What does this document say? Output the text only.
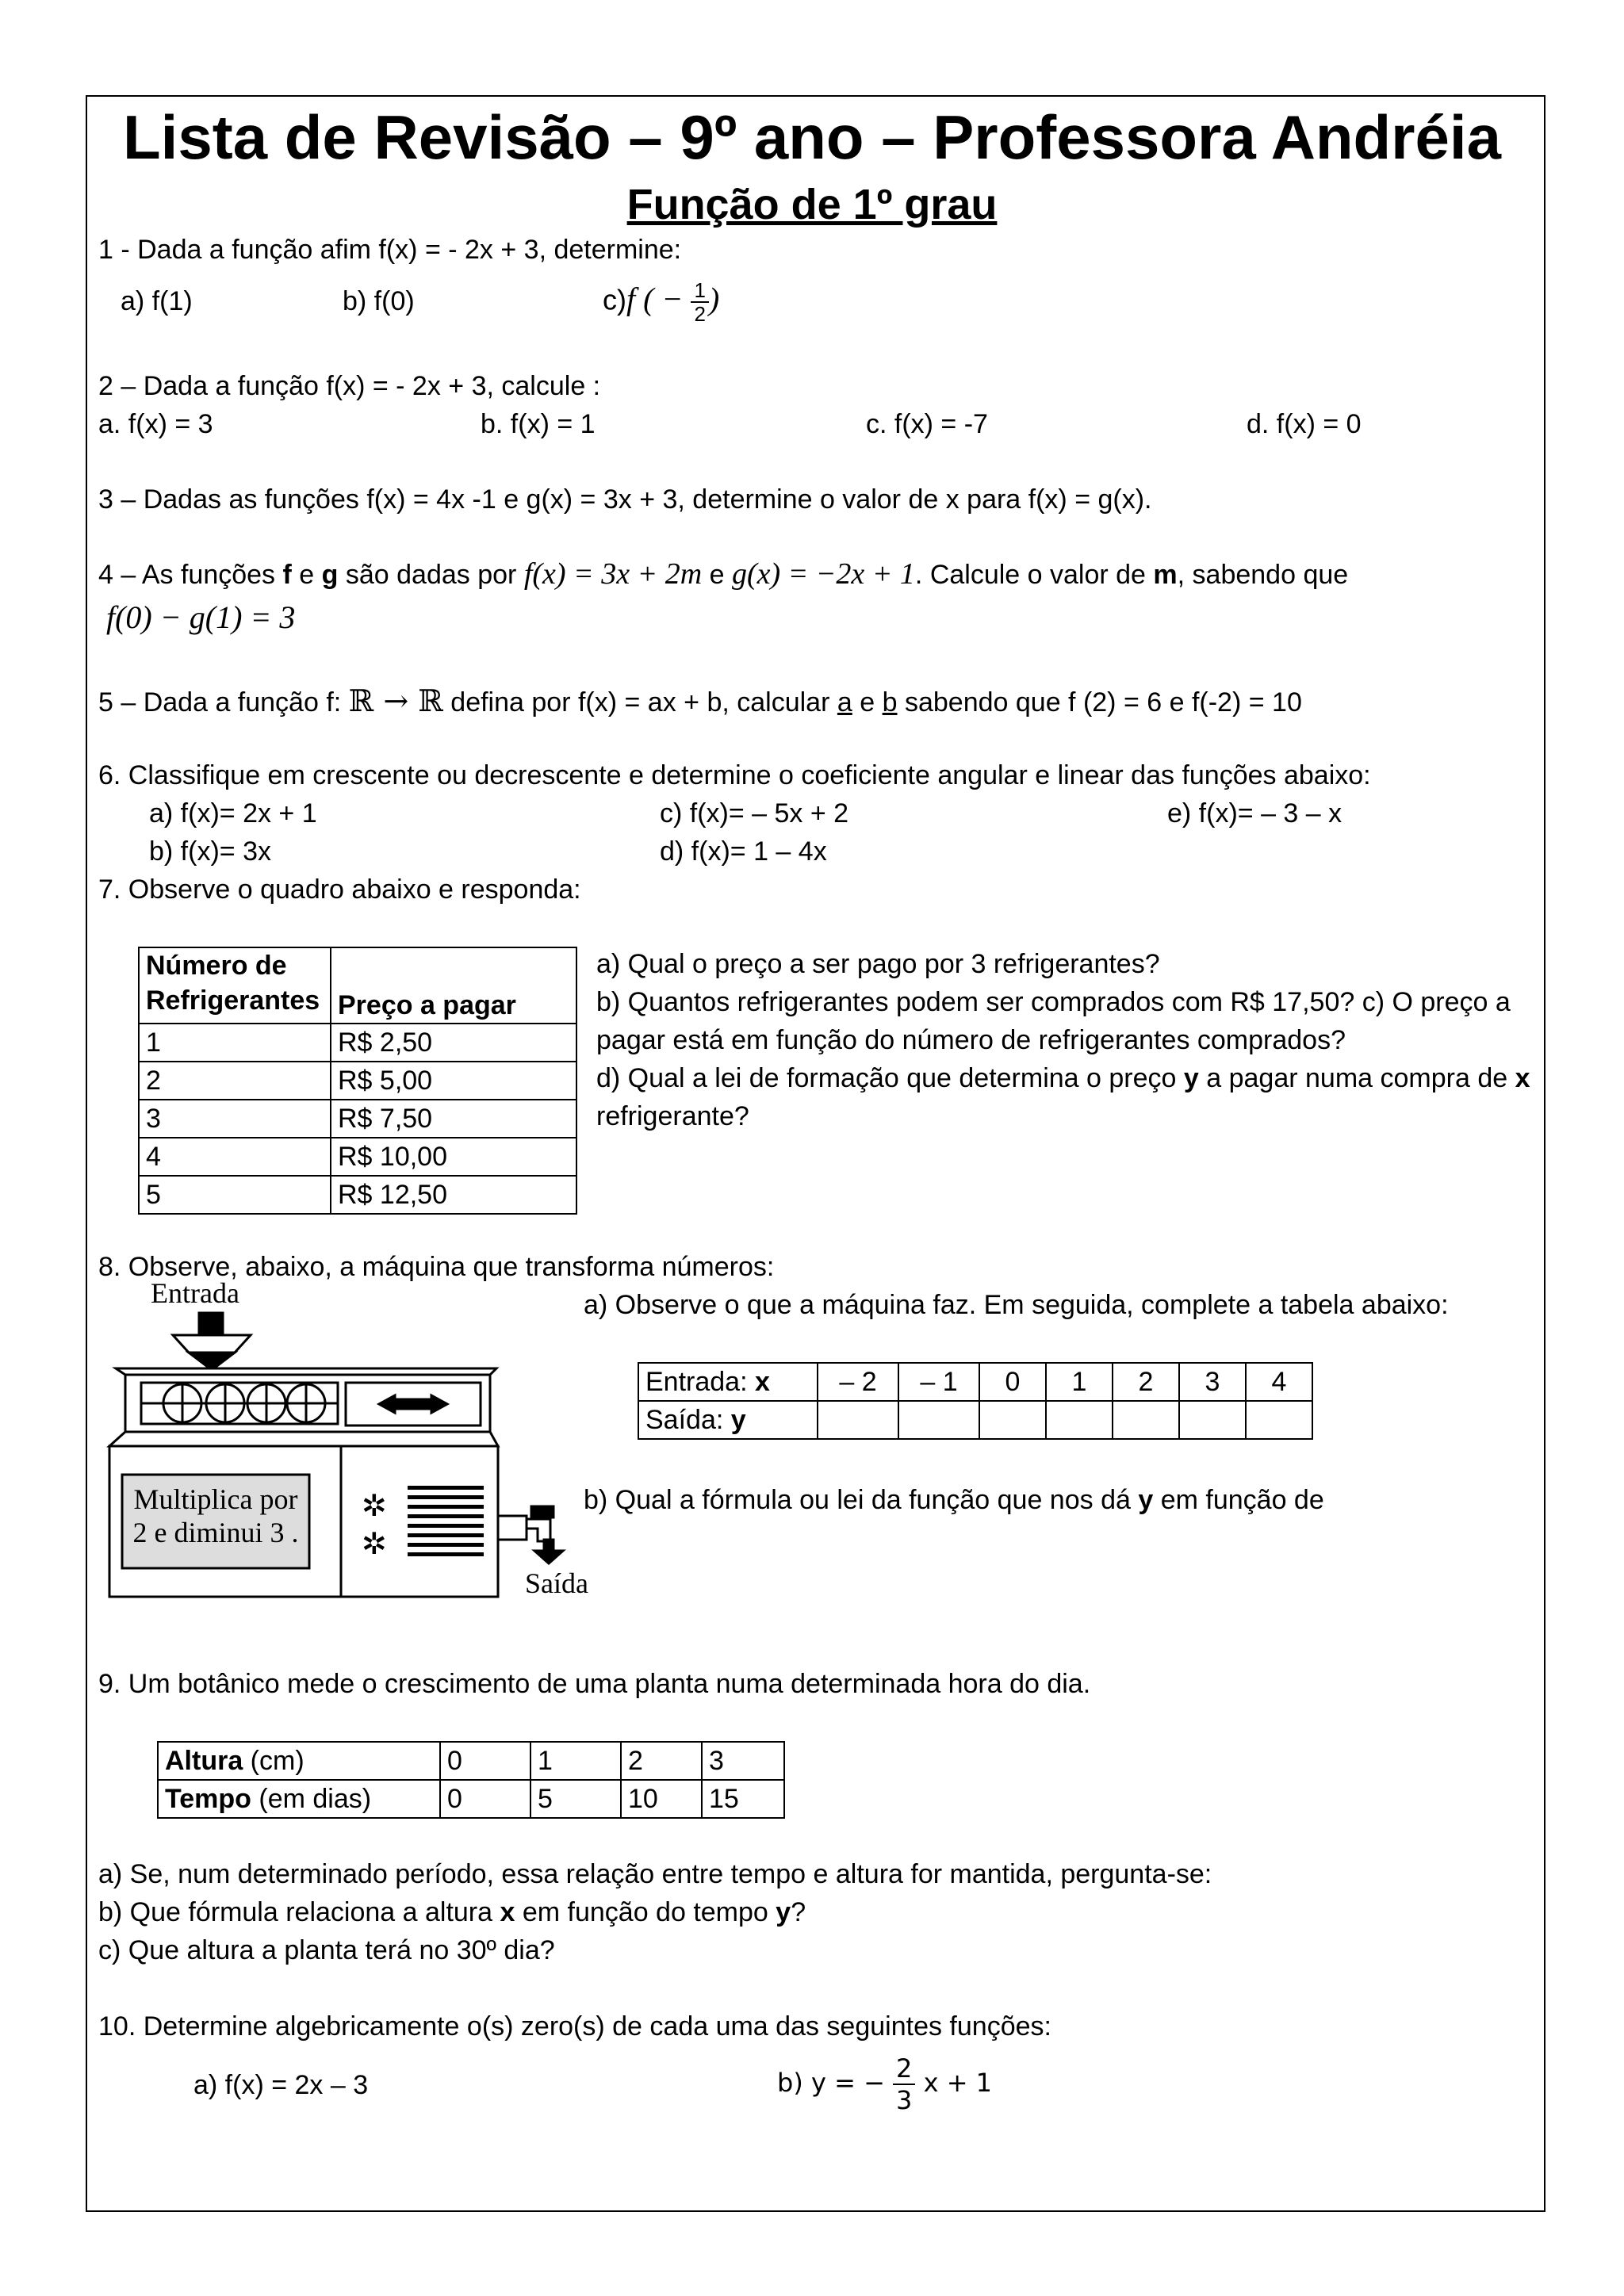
Lista de Revisão – 9º ano – Professora Andréia
Função de 1º grau
1 - Dada a função afim f(x) = - 2x + 3, determine:
a) f(1)	b) f(0)	c)f ( − $\frac{1}{2}$ )
2 – Dada a função f(x) = - 2x + 3, calcule :
a. f(x) = 3	b. f(x) = 1	c. f(x) = -7	d. f(x) = 0
3 – Dadas as funções f(x) = 4x -1 e g(x) = 3x + 3, determine o valor de x para f(x) = g(x).
4 – As funções f e g são dadas por f(x) = 3x + 2m e g(x) = −2x + 1. Calcule o valor de m, sabendo que
f(0) − g(1) = 3
5 – Dada a função f: ℝ → ℝ defina por f(x) = ax + b, calcular a e b sabendo que f (2) = 6 e f(-2) = 10
6. Classifique em crescente ou decrescente e determine o coeficiente angular e linear das funções abaixo:
a) f(x)= 2x + 1
b) f(x)= 3x
c) f(x)= – 5x + 2
d) f(x)= 1 – 4x
e) f(x)= – 3 – x
7. Observe o quadro abaixo e responda:
Número de
Refrigerantes	Preço a pagar
1	R$ 2,50
2	R$ 5,00
3	R$ 7,50
4	R$ 10,00
5	R$ 12,50
a) Qual o preço a ser pago por 3 refrigerantes?
b) Quantos refrigerantes podem ser comprados com R$ 17,50? c) O preço a
pagar está em função do número de refrigerantes comprados?
d) Qual a lei de formação que determina o preço y a pagar numa compra de x
refrigerante?
8. Observe, abaixo, a máquina que transforma números:
Entrada
✲
✲
Multiplica por
2 e diminui 3 .
Saída
a) Observe o que a máquina faz. Em seguida, complete a tabela abaixo:
Entrada: x	– 2	– 1	0	1	2	3	4
Saída: y							
b) Qual a fórmula ou lei da função que nos dá y em função de
9. Um botânico mede o crescimento de uma planta numa determinada hora do dia.
Altura (cm)	0	1	2	3
Tempo (em dias)	0	5	10	15
a) Se, num determinado período, essa relação entre tempo e altura for mantida, pergunta-se:
b) Que fórmula relaciona a altura x em função do tempo y?
c) Que altura a planta terá no 30º dia?
10. Determine algebricamente o(s) zero(s) de cada uma das seguintes funções:
a) f(x) = 2x – 3	b) y = − $\frac{2}{3}$ x + 1
